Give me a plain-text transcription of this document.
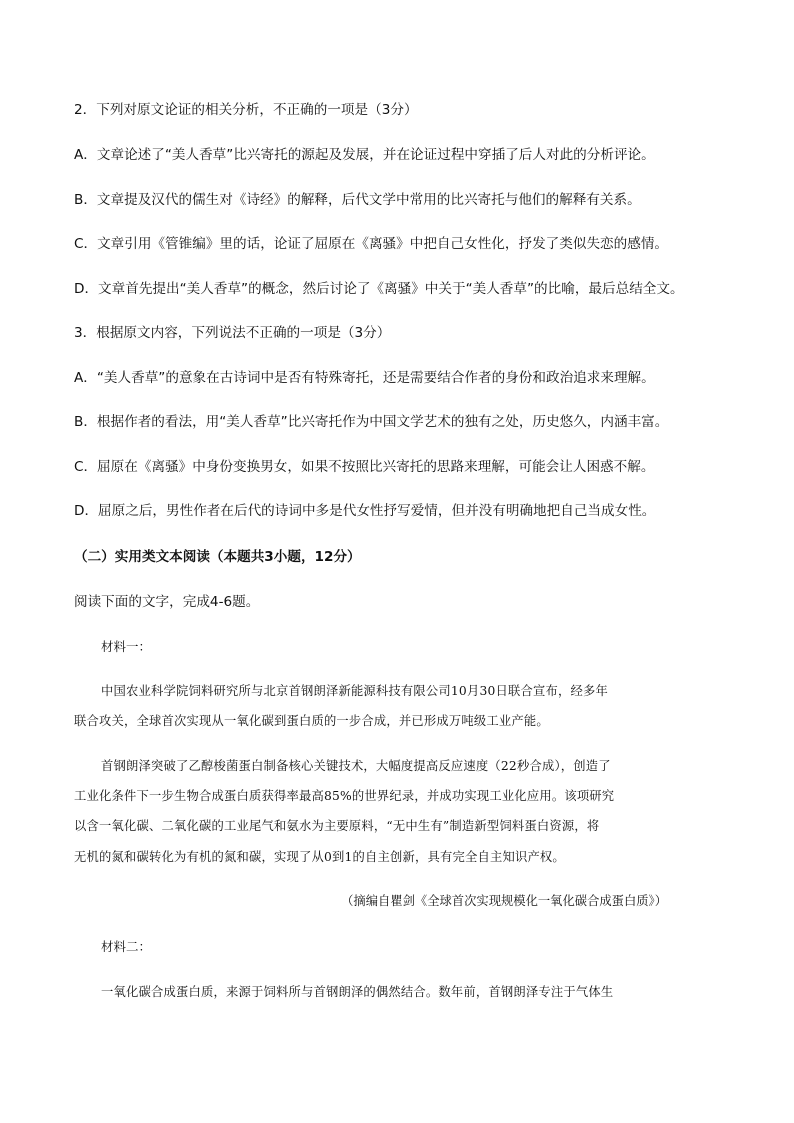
2．下列对原文论证的相关分析，不正确的一项是（3分）
A．文章论述了“美人香草”比兴寄托的源起及发展，并在论证过程中穿插了后人对此的分析评论。
B．文章提及汉代的儒生对《诗经》的解释，后代文学中常用的比兴寄托与他们的解释有关系。
C．文章引用《管锥编》里的话，论证了屈原在《离骚》中把自己女性化，抒发了类似失恋的感情。
D．文章首先提出“美人香草”的概念，然后讨论了《离骚》中关于“美人香草”的比喻，最后总结全文。
3．根据原文内容，下列说法不正确的一项是（3分）
A．“美人香草”的意象在古诗词中是否有特殊寄托，还是需要结合作者的身份和政治追求来理解。
B．根据作者的看法，用“美人香草”比兴寄托作为中国文学艺术的独有之处，历史悠久，内涵丰富。
C．屈原在《离骚》中身份变换男女，如果不按照比兴寄托的思路来理解，可能会让人困惑不解。
D．屈原之后，男性作者在后代的诗词中多是代女性抒写爱情，但并没有明确地把自己当成女性。
（二）实用类文本阅读（本题共3小题，12分）
阅读下面的文字，完成4-6题。
材料一：
中国农业科学院饲料研究所与北京首钢朗泽新能源科技有限公司10月30日联合宣布，经多年
联合攻关，全球首次实现从一氧化碳到蛋白质的一步合成，并已形成万吨级工业产能。
首钢朗泽突破了乙醇梭菌蛋白制备核心关键技术，大幅度提高反应速度（22秒合成），创造了
工业化条件下一步生物合成蛋白质获得率最高85%的世界纪录，并成功实现工业化应用。该项研究
以含一氧化碳、二氧化碳的工业尾气和氨水为主要原料，“无中生有”制造新型饲料蛋白资源，将
无机的氮和碳转化为有机的氮和碳，实现了从0到1的自主创新，具有完全自主知识产权。
（摘编自瞿剑《全球首次实现规模化一氧化碳合成蛋白质》）
材料二：
一氧化碳合成蛋白质，来源于饲料所与首钢朗泽的偶然结合。数年前，首钢朗泽专注于气体生
